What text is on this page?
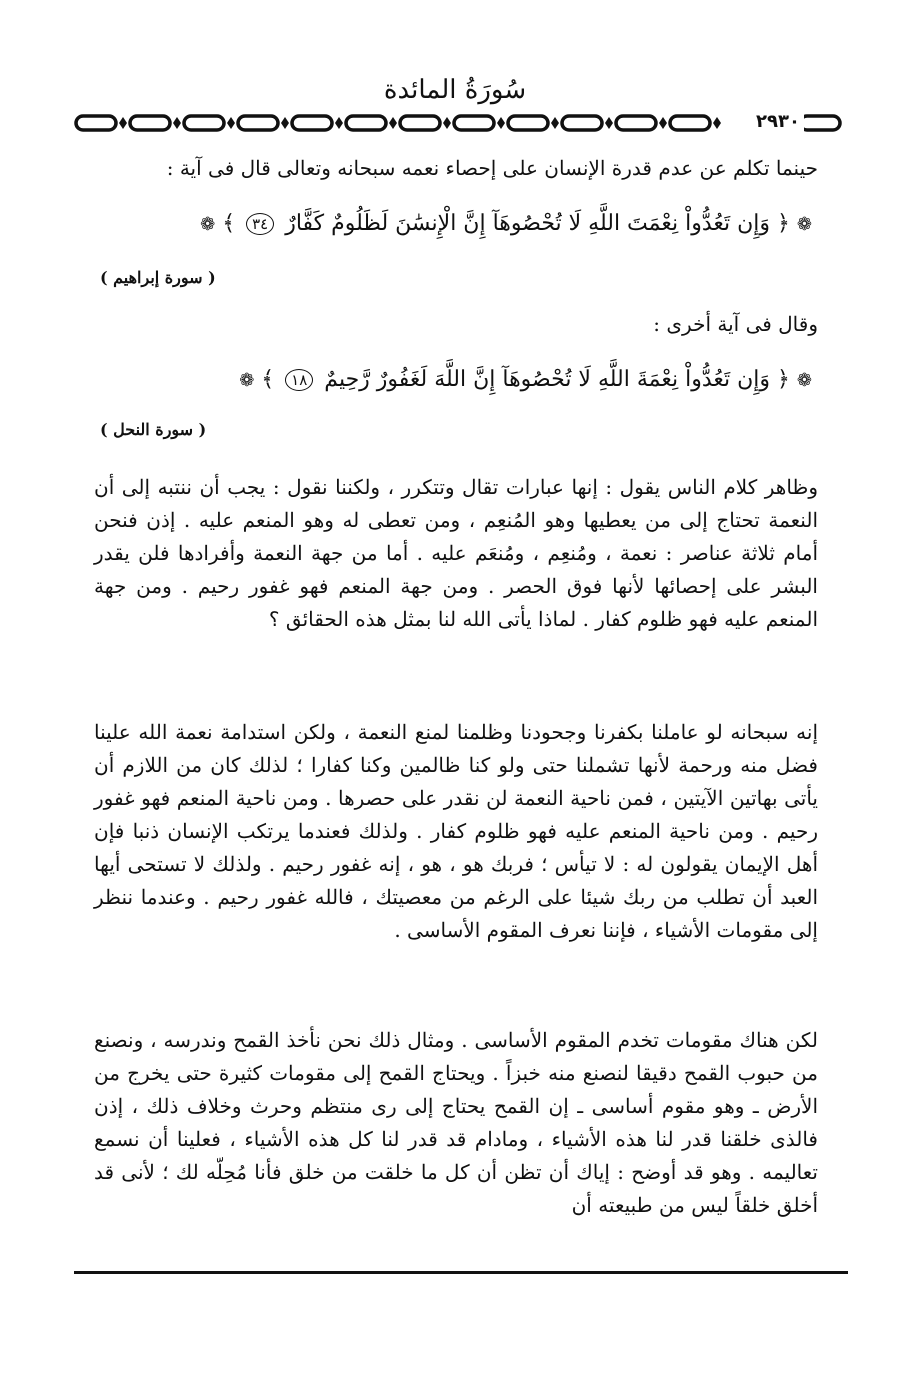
سُورَةُ المائدة
٢٩٣٠

حينما تكلم عن عدم قدرة الإنسان على إحصاء نعمه سبحانه وتعالى قال فى آية :

❁ ﴿ وَإِن تَعُدُّواْ نِعْمَتَ اللَّهِ لَا تُحْصُوهَآ إِنَّ الْإِنسَٰنَ لَظَلُومٌ كَفَّارٌ ٣٤ ﴾ ❁
( سورة إبراهيم )

وقال فى آية أخرى :

❁ ﴿ وَإِن تَعُدُّواْ نِعْمَةَ اللَّهِ لَا تُحْصُوهَآ إِنَّ اللَّهَ لَغَفُورٌ رَّحِيمٌ ١٨ ﴾ ❁
( سورة النحل )

وظاهر كلام الناس يقول : إنها عبارات تقال وتتكرر ، ولكننا نقول : يجب أن ننتبه إلى أن النعمة تحتاج إلى من يعطيها وهو المُنعِم ، ومن تعطى له وهو المنعم عليه . إذن فنحن أمام ثلاثة عناصر : نعمة ، ومُنعِم ، ومُنعَم عليه . أما من جهة النعمة وأفرادها فلن يقدر البشر على إحصائها لأنها فوق الحصر . ومن جهة المنعم فهو غفور رحيم . ومن جهة المنعم عليه فهو ظلوم كفار . لماذا يأتى الله لنا بمثل هذه الحقائق ؟

إنه سبحانه لو عاملنا بكفرنا وجحودنا وظلمنا لمنع النعمة ، ولكن استدامة نعمة الله علينا فضل منه ورحمة لأنها تشملنا حتى ولو كنا ظالمين وكنا كفارا ؛ لذلك كان من اللازم أن يأتى بهاتين الآيتين ، فمن ناحية النعمة لن نقدر على حصرها . ومن ناحية المنعم فهو غفور رحيم . ومن ناحية المنعم عليه فهو ظلوم كفار . ولذلك فعندما يرتكب الإنسان ذنبا فإن أهل الإيمان يقولون له : لا تيأس ؛ فربك هو ، هو ، إنه غفور رحيم . ولذلك لا تستحى أيها العبد أن تطلب من ربك شيئا على الرغم من معصيتك ، فالله غفور رحيم . وعندما ننظر إلى مقومات الأشياء ، فإننا نعرف المقوم الأساسى .

لكن هناك مقومات تخدم المقوم الأساسى . ومثال ذلك نحن نأخذ القمح وندرسه ، ونصنع من حبوب القمح دقيقا لنصنع منه خبزاً . ويحتاج القمح إلى مقومات كثيرة حتى يخرج من الأرض ـ وهو مقوم أساسى ـ إن القمح يحتاج إلى رى منتظم وحرث وخلاف ذلك ، إذن فالذى خلقنا قدر لنا هذه الأشياء ، ومادام قد قدر لنا كل هذه الأشياء ، فعلينا أن نسمع تعاليمه . وهو قد أوضح : إياك أن تظن أن كل ما خلقت من خلق فأنا مُحِلّه لك ؛ لأنى قد أخلق خلقاً ليس من طبيعته أن
